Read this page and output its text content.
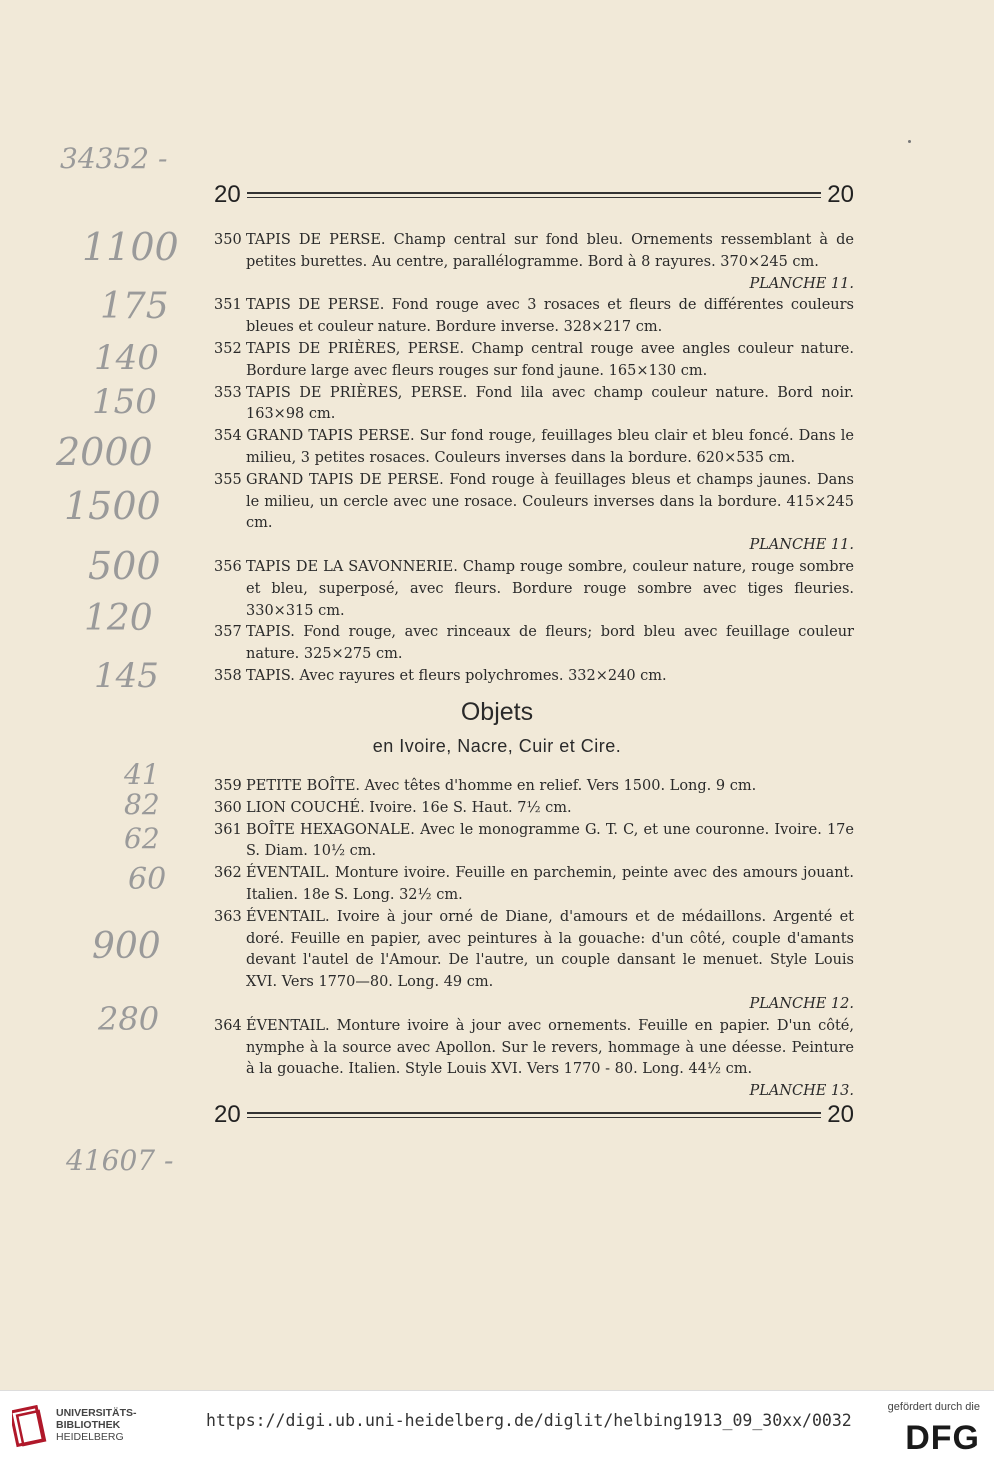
34352 -
20	20
1100
175
140
150
2000
1500
500
120
145
41
82
62
60
900
280
350 TAPIS DE PERSE. Champ central sur fond bleu. Ornements ressemblant à de petites burettes. Au centre, parallélogramme. Bord à 8 rayures. 370×245 cm.
PLANCHE 11.
351 TAPIS DE PERSE. Fond rouge avec 3 rosaces et fleurs de différentes couleurs bleues et couleur nature. Bordure inverse. 328×217 cm.
352 TAPIS DE PRIÈRES, PERSE. Champ central rouge avee angles couleur nature. Bordure large avec fleurs rouges sur fond jaune. 165×130 cm.
353 TAPIS DE PRIÈRES, PERSE. Fond lila avec champ couleur nature. Bord noir. 163×98 cm.
354 GRAND TAPIS PERSE. Sur fond rouge, feuillages bleu clair et bleu foncé. Dans le milieu, 3 petites rosaces. Couleurs inverses dans la bordure. 620×535 cm.
355 GRAND TAPIS DE PERSE. Fond rouge à feuillages bleus et champs jaunes. Dans le milieu, un cercle avec une rosace. Couleurs inverses dans la bordure. 415×245 cm.
PLANCHE 11.
356 TAPIS DE LA SAVONNERIE. Champ rouge sombre, couleur nature, rouge sombre et bleu, superposé, avec fleurs. Bordure rouge sombre avec tiges fleuries. 330×315 cm.
357 TAPIS. Fond rouge, avec rinceaux de fleurs; bord bleu avec feuillage couleur nature. 325×275 cm.
358 TAPIS. Avec rayures et fleurs polychromes. 332×240 cm.
Objets
en Ivoire, Nacre, Cuir et Cire.
359 PETITE BOÎTE. Avec têtes d'homme en relief. Vers 1500. Long. 9 cm.
360 LION COUCHÉ. Ivoire. 16e S. Haut. 7½ cm.
361 BOÎTE HEXAGONALE. Avec le monogramme G. T. C, et une couronne. Ivoire. 17e S. Diam. 10½ cm.
362 ÉVENTAIL. Monture ivoire. Feuille en parchemin, peinte avec des amours jouant. Italien. 18e S. Long. 32½ cm.
363 ÉVENTAIL. Ivoire à jour orné de Diane, d'amours et de médaillons. Argenté et doré. Feuille en papier, avec peintures à la gouache: d'un côté, couple d'amants devant l'autel de l'Amour. De l'autre, un couple dansant le menuet. Style Louis XVI. Vers 1770—80. Long. 49 cm.
PLANCHE 12.
364 ÉVENTAIL. Monture ivoire à jour avec ornements. Feuille en papier. D'un côté, nymphe à la source avec Apollon. Sur le revers, hommage à une déesse. Peinture à la gouache. Italien. Style Louis XVI. Vers 1770 - 80. Long. 44½ cm.
PLANCHE 13.
20	20
41607 -
UNIVERSITÄTS-
BIBLIOTHEK
HEIDELBERG
https://digi.ub.uni-heidelberg.de/diglit/helbing1913_09_30xx/0032
gefördert durch die
DFG
